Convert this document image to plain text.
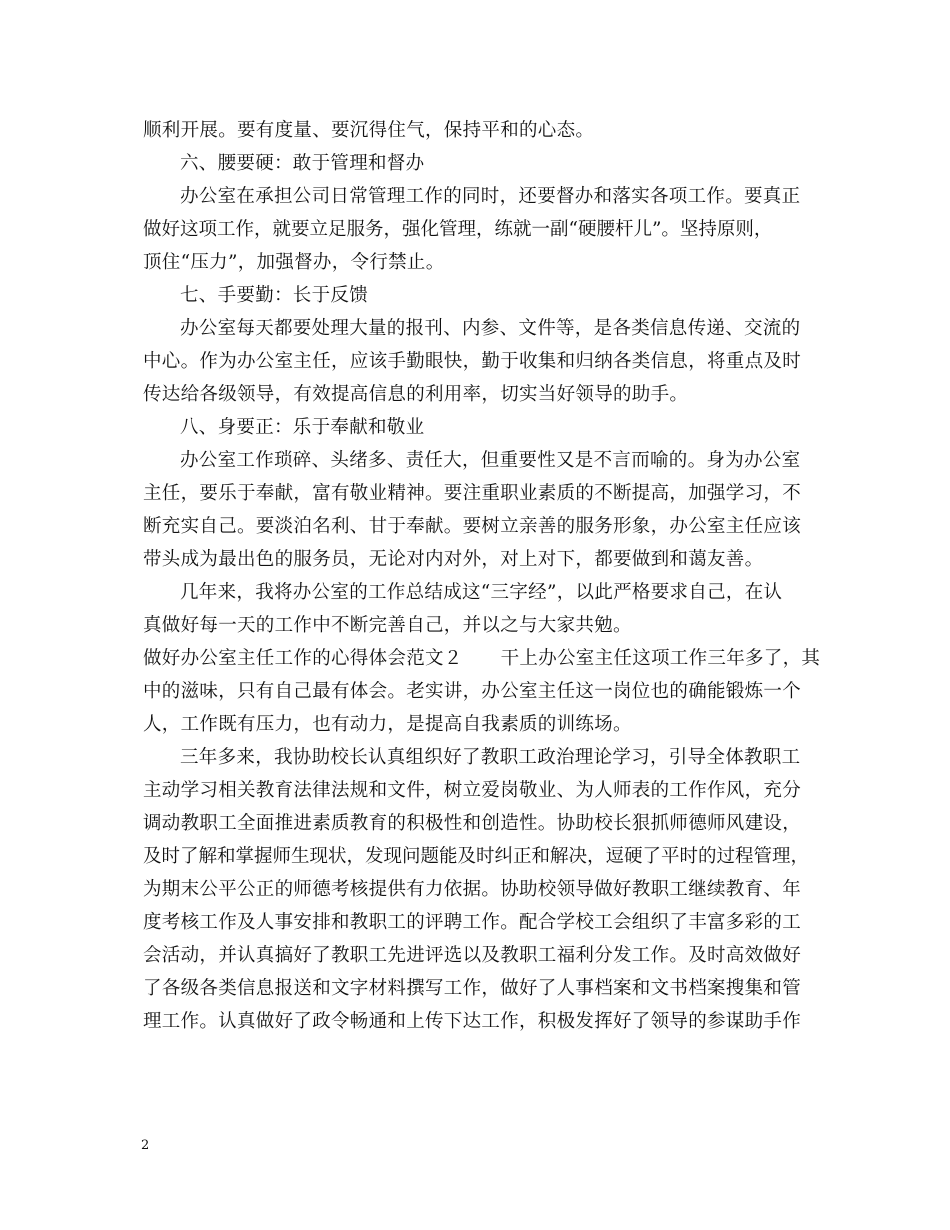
顺利开展。要有度量、要沉得住气，保持平和的心态。
六、腰要硬：敢于管理和督办
办公室在承担公司日常管理工作的同时，还要督办和落实各项工作。要真正
做好这项工作，就要立足服务，强化管理，练就一副“硬腰杆儿”。坚持原则，
顶住“压力”，加强督办，令行禁止。
七、手要勤：长于反馈
办公室每天都要处理大量的报刊、内参、文件等，是各类信息传递、交流的
中心。作为办公室主任，应该手勤眼快，勤于收集和归纳各类信息，将重点及时
传达给各级领导，有效提高信息的利用率，切实当好领导的助手。
八、身要正：乐于奉献和敬业
办公室工作琐碎、头绪多、责任大，但重要性又是不言而喻的。身为办公室
主任，要乐于奉献，富有敬业精神。要注重职业素质的不断提高，加强学习，不
断充实自己。要淡泊名利、甘于奉献。要树立亲善的服务形象，办公室主任应该
带头成为最出色的服务员，无论对内对外，对上对下，都要做到和蔼友善。
几年来，我将办公室的工作总结成这“三字经”，以此严格要求自己，在认
真做好每一天的工作中不断完善自己，并以之与大家共勉。
做好办公室主任工作的心得体会范文２ 干上办公室主任这项工作三年多了，其
中的滋味，只有自己最有体会。老实讲，办公室主任这一岗位也的确能锻炼一个
人，工作既有压力，也有动力，是提高自我素质的训练场。
三年多来，我协助校长认真组织好了教职工政治理论学习，引导全体教职工
主动学习相关教育法律法规和文件，树立爱岗敬业、为人师表的工作作风，充分
调动教职工全面推进素质教育的积极性和创造性。协助校长狠抓师德师风建设，
及时了解和掌握师生现状，发现问题能及时纠正和解决，逗硬了平时的过程管理，
为期末公平公正的师德考核提供有力依据。协助校领导做好教职工继续教育、年
度考核工作及人事安排和教职工的评聘工作。配合学校工会组织了丰富多彩的工
会活动，并认真搞好了教职工先进评选以及教职工福利分发工作。及时高效做好
了各级各类信息报送和文字材料撰写工作，做好了人事档案和文书档案搜集和管
理工作。认真做好了政令畅通和上传下达工作，积极发挥好了领导的参谋助手作
2
